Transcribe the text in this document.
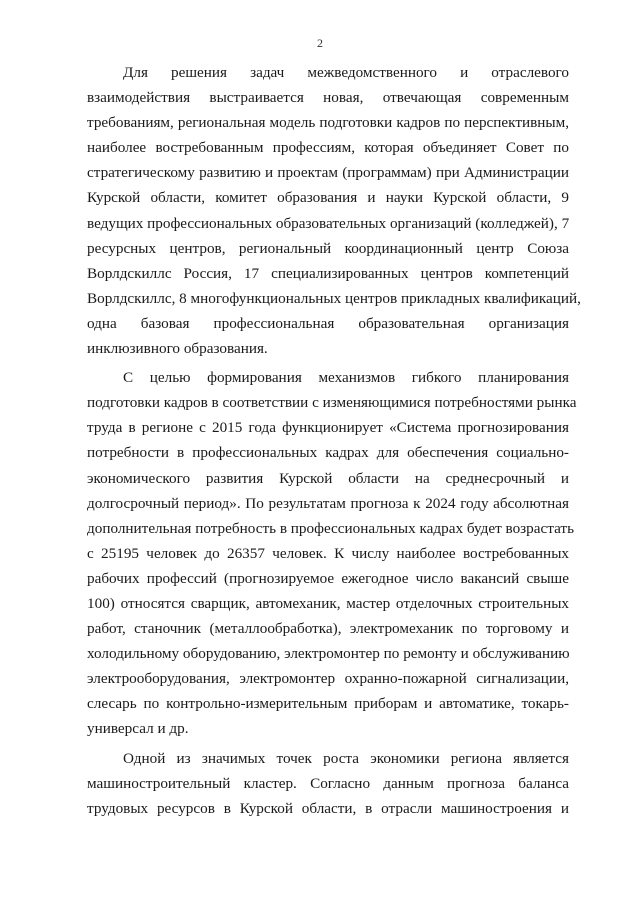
2

Для решения задач межведомственного и отраслевого
взаимодействия выстраивается новая, отвечающая современным
требованиям, региональная модель подготовки кадров по перспективным,
наиболее востребованным профессиям, которая объединяет Совет по
стратегическому развитию и проектам (программам) при Администрации
Курской области, комитет образования и науки Курской области, 9
ведущих профессиональных образовательных организаций (колледжей), 7
ресурсных центров, региональный координационный центр Союза
Ворлдскиллс Россия, 17 специализированных центров компетенций
Ворлдскиллс, 8 многофункциональных центров прикладных квалификаций,
одна базовая профессиональная образовательная организация
инклюзивного образования.

С целью формирования механизмов гибкого планирования
подготовки кадров в соответствии с изменяющимися потребностями рынка
труда в регионе с 2015 года функционирует «Система прогнозирования
потребности в профессиональных кадрах для обеспечения социально-
экономического развития Курской области на среднесрочный и
долгосрочный период». По результатам прогноза к 2024 году абсолютная
дополнительная потребность в профессиональных кадрах будет возрастать
с 25195 человек до 26357 человек. К числу наиболее востребованных
рабочих профессий (прогнозируемое ежегодное число вакансий свыше
100) относятся сварщик, автомеханик, мастер отделочных строительных
работ, станочник (металлообработка), электромеханик по торговому и
холодильному оборудованию, электромонтер по ремонту и обслуживанию
электрооборудования, электромонтер охранно-пожарной сигнализации,
слесарь по контрольно-измерительным приборам и автоматике, токарь-
универсал и др.

Одной из значимых точек роста экономики региона является
машиностроительный кластер. Согласно данным прогноза баланса
трудовых ресурсов в Курской области, в отрасли машиностроения и
